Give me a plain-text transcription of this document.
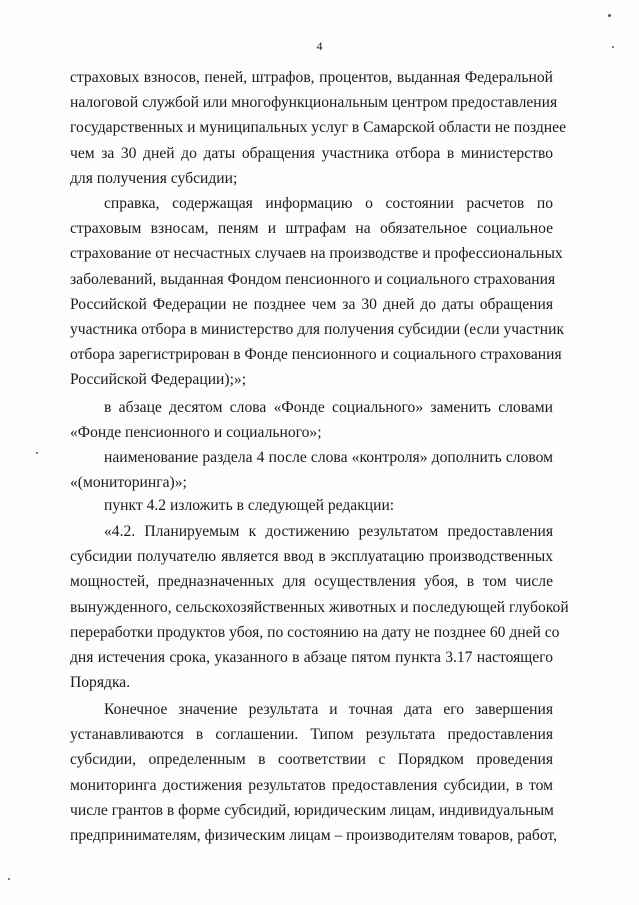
4
страховых взносов, пеней, штрафов, процентов, выданная Федеральной
налоговой службой или многофункциональным центром предоставления
государственных и муниципальных услуг в Самарской области не позднее
чем за 30 дней до даты обращения участника отбора в министерство
для получения субсидии;
справка, содержащая информацию о состоянии расчетов по
страховым взносам, пеням и штрафам на обязательное социальное
страхование от несчастных случаев на производстве и профессиональных
заболеваний, выданная Фондом пенсионного и социального страхования
Российской Федерации не позднее чем за 30 дней до даты обращения
участника отбора в министерство для получения субсидии (если участник
отбора зарегистрирован в Фонде пенсионного и социального страхования
Российской Федерации);»;
в абзаце десятом слова «Фонде социального» заменить словами
«Фонде пенсионного и социального»;
наименование раздела 4 после слова «контроля» дополнить словом
«(мониторинга)»;
пункт 4.2 изложить в следующей редакции:
«4.2. Планируемым к достижению результатом предоставления
субсидии получателю является ввод в эксплуатацию производственных
мощностей, предназначенных для осуществления убоя, в том числе
вынужденного, сельскохозяйственных животных и последующей глубокой
переработки продуктов убоя, по состоянию на дату не позднее 60 дней со
дня истечения срока, указанного в абзаце пятом пункта 3.17 настоящего
Порядка.
Конечное значение результата и точная дата его завершения
устанавливаются в соглашении. Типом результата предоставления
субсидии, определенным в соответствии с Порядком проведения
мониторинга достижения результатов предоставления субсидии, в том
числе грантов в форме субсидий, юридическим лицам, индивидуальным
предпринимателям, физическим лицам – производителям товаров, работ,
